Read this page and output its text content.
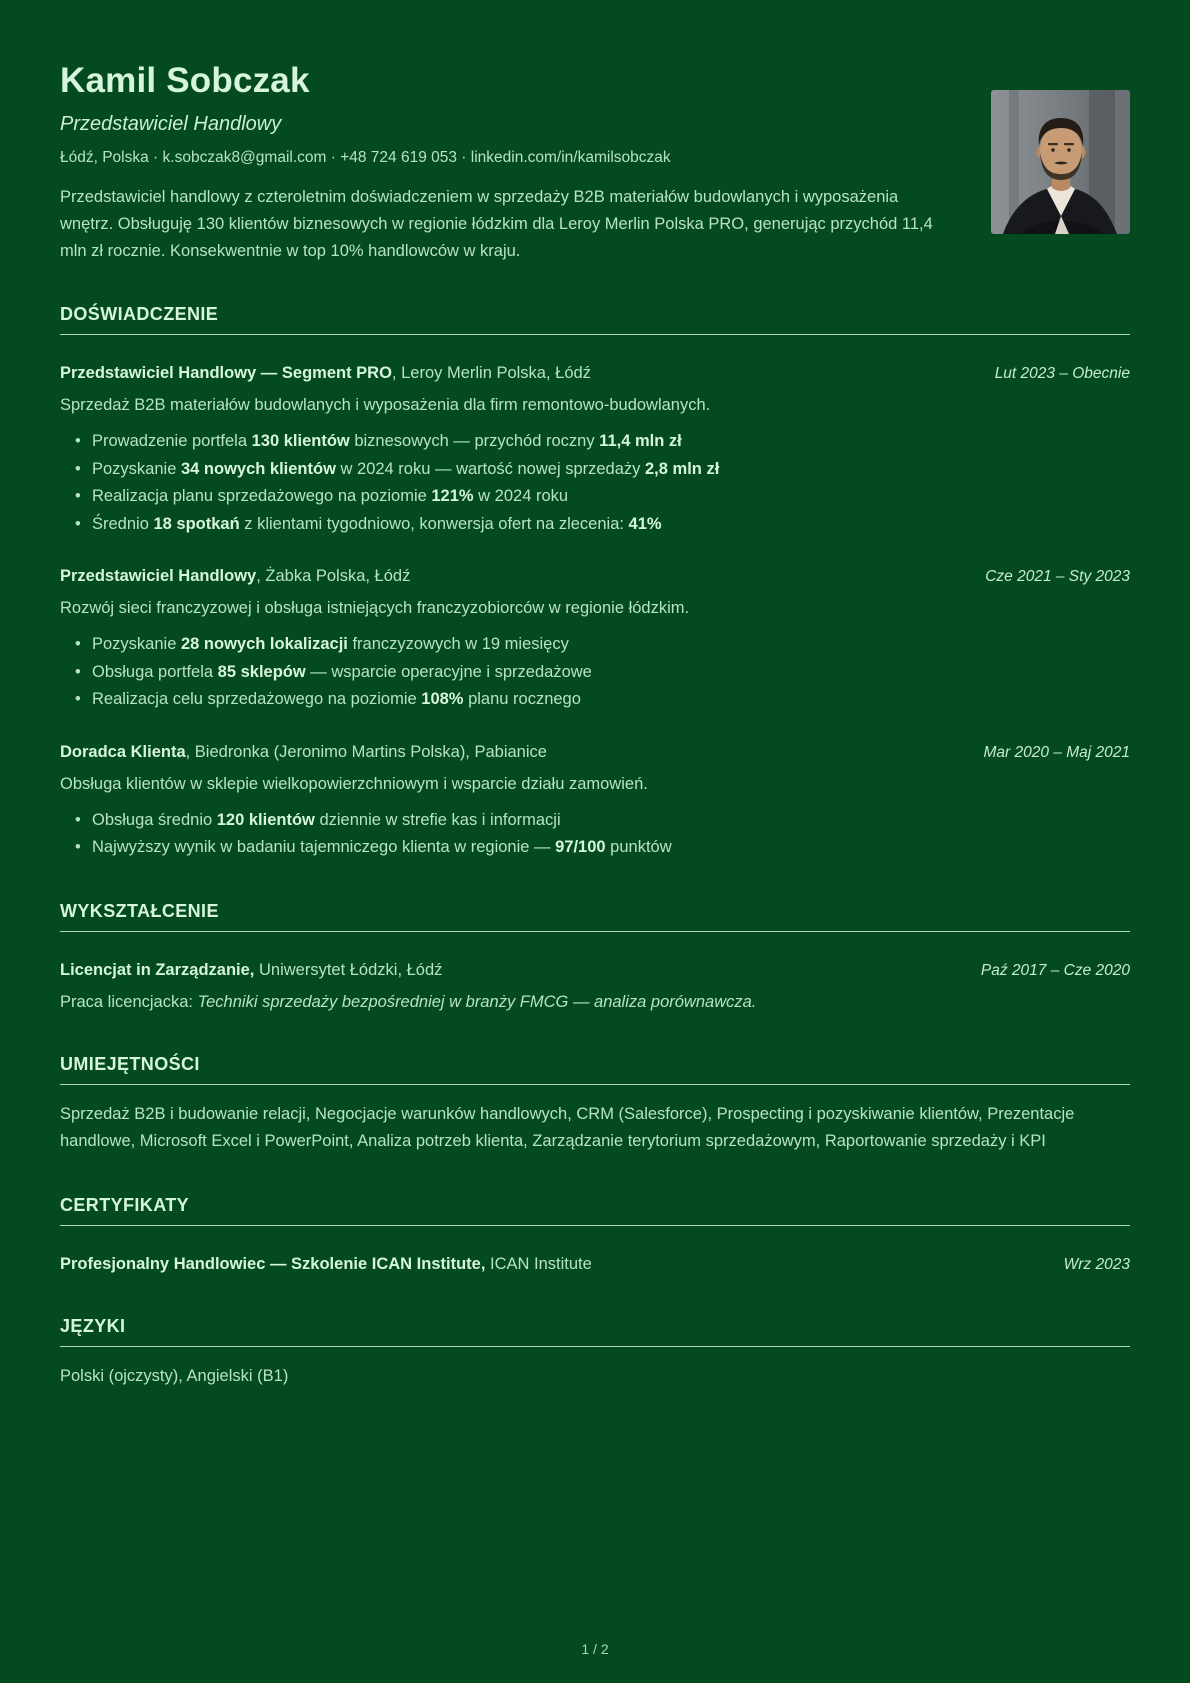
Kamil Sobczak
Przedstawiciel Handlowy
Łódź, Polska · k.sobczak8@gmail.com · +48 724 619 053 · linkedin.com/in/kamilsobczak

Przedstawiciel handlowy z czteroletnim doświadczeniem w sprzedaży B2B materiałów budowlanych i wyposażenia wnętrz. Obsługuję 130 klientów biznesowych w regionie łódzkim dla Leroy Merlin Polska PRO, generując przychód 11,4 mln zł rocznie. Konsekwentnie w top 10% handlowców w kraju.

DOŚWIADCZENIE
Przedstawiciel Handlowy — Segment PRO, Leroy Merlin Polska, Łódź	Lut 2023 – Obecnie

Sprzedaż B2B materiałów budowlanych i wyposażenia dla firm remontowo-budowlanych.

• Prowadzenie portfela 130 klientów biznesowych — przychód roczny 11,4 mln zł
• Pozyskanie 34 nowych klientów w 2024 roku — wartość nowej sprzedaży 2,8 mln zł
• Realizacja planu sprzedażowego na poziomie 121% w 2024 roku
• Średnio 18 spotkań z klientami tygodniowo, konwersja ofert na zlecenia: 41%
Przedstawiciel Handlowy, Żabka Polska, Łódź	Cze 2021 – Sty 2023

Rozwój sieci franczyzowej i obsługa istniejących franczyzobiorców w regionie łódzkim.

• Pozyskanie 28 nowych lokalizacji franczyzowych w 19 miesięcy
• Obsługa portfela 85 sklepów — wsparcie operacyjne i sprzedażowe
• Realizacja celu sprzedażowego na poziomie 108% planu rocznego
Doradca Klienta, Biedronka (Jeronimo Martins Polska), Pabianice	Mar 2020 – Maj 2021

Obsługa klientów w sklepie wielkopowierzchniowym i wsparcie działu zamowień.

• Obsługa średnio 120 klientów dziennie w strefie kas i informacji
• Najwyższy wynik w badaniu tajemniczego klienta w regionie — 97/100 punktów
WYKSZTAŁCENIE
Licencjat in Zarządzanie, Uniwersytet Łódzki, Łódź	Paź 2017 – Cze 2020

Praca licencjacka: Techniki sprzedaży bezpośredniej w branży FMCG — analiza porównawcza.

UMIEJĘTNOŚCI

Sprzedaż B2B i budowanie relacji, Negocjacje warunków handlowych, CRM (Salesforce), Prospecting i pozyskiwanie klientów, Prezentacje handlowe, Microsoft Excel i PowerPoint, Analiza potrzeb klienta, Zarządzanie terytorium sprzedażowym, Raportowanie sprzedaży i KPI

CERTYFIKATY
Profesjonalny Handlowiec — Szkolenie ICAN Institute, ICAN Institute	Wrz 2023
JĘZYKI

Polski (ojczysty), Angielski (B1)

1 / 2
